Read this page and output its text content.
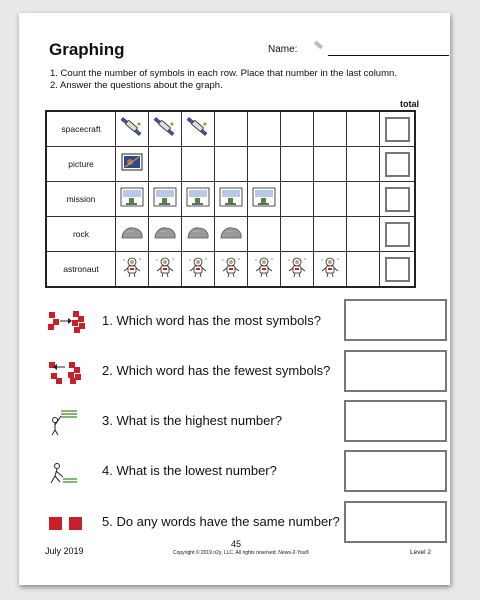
Graphing	Name:
1. Count the number of symbols in each row. Place that number in the last column.
2. Answer the questions about the graph.
total
spacecraft									
picture									
mission									
rock									
astronaut									
1. Which word has the most symbols?
2. Which word has the fewest symbols?
3. What is the highest number?
4. What is the lowest number?
5. Do any words have the same number?
July 2019
45
Copyright © 2019 n2y, LLC. All rights reserved. News-2-You®	Level 2
